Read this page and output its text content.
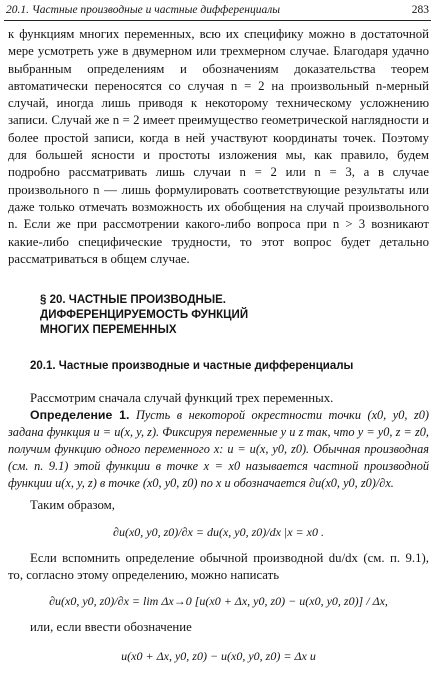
20.1. Частные производные и частные дифференциалы	283

к функциям многих переменных, всю их специфику можно в достаточной мере усмотреть уже в двумерном или трехмерном случае. Благодаря удачно выбранным определениям и обозначениям доказательства теорем автоматически переносятся со случая n = 2 на произвольный n-мерный случай, иногда лишь приводя к некоторому техническому усложнению записи. Случай же n = 2 имеет преимущество геометрической наглядности и более простой записи, когда в ней участвуют координаты точек. Поэтому для большей ясности и простоты изложения мы, как правило, будем подробно рассматривать лишь случаи n = 2 или n = 3, а в случае произвольного n — лишь формулировать соответствующие результаты или даже только отмечать возможность их обобщения на случай произвольного n. Если же при рассмотрении какого-либо вопроса при n > 3 возникают какие-либо специфические трудности, то этот вопрос будет детально рассматриваться в общем случае.

§ 20. ЧАСТНЫЕ ПРОИЗВОДНЫЕ.
ДИФФЕРЕНЦИРУЕМОСТЬ ФУНКЦИЙ
МНОГИХ ПЕРЕМЕННЫХ
20.1. Частные производные и частные дифференциалы

Рассмотрим сначала случай функций трех переменных.

Определение 1. Пусть в некоторой окрестности точки (x0, y0, z0) задана функция u = u(x, y, z). Фиксируя переменные y и z так, что y = y0, z = z0, получим функцию одного переменного x: u = u(x, y0, z0). Обычная производная (см. п. 9.1) этой функции в точке x = x0 называется частной производной функции u(x, y, z) в точке (x0, y0, z0) по x и обозначается ∂u(x0, y0, z0)/∂x.

Таким образом,

∂u(x0, y0, z0)/∂x = du(x, y0, z0)/dx |x = x0 .

Если вспомнить определение обычной производной du/dx (см. п. 9.1), то, согласно этому определению, можно написать

∂u(x0, y0, z0)/∂x = lim Δx→0 [u(x0 + Δx, y0, z0) − u(x0, y0, z0)] / Δx,

или, если ввести обозначение

u(x0 + Δx, y0, z0) − u(x0, y0, z0) = Δx u
